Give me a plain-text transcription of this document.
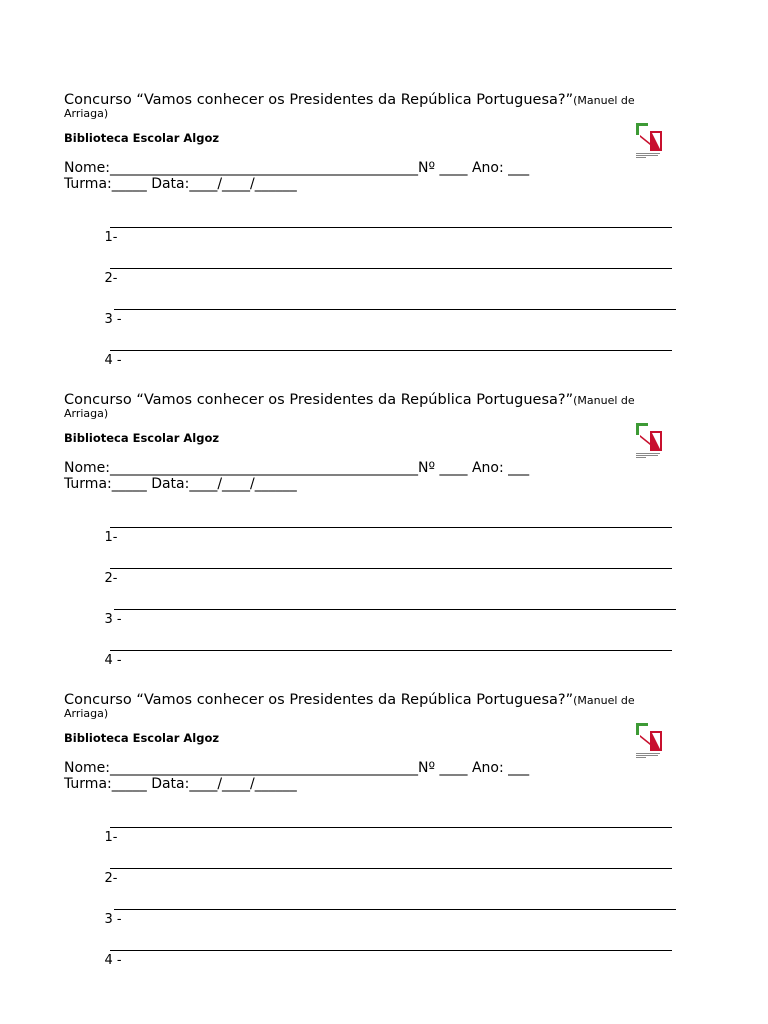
Concurso “Vamos conhecer os Presidentes da República Portuguesa?”(Manuel de
Arriaga)
Biblioteca Escolar Algoz
Nome:____________________________________________Nº ____ Ano: ___
Turma:_____ Data:____/____/______

1-

2-

3 -

4 -

Concurso “Vamos conhecer os Presidentes da República Portuguesa?”(Manuel de
Arriaga)
Biblioteca Escolar Algoz
Nome:____________________________________________Nº ____ Ano: ___
Turma:_____ Data:____/____/______

1-

2-

3 -

4 -

Concurso “Vamos conhecer os Presidentes da República Portuguesa?”(Manuel de
Arriaga)
Biblioteca Escolar Algoz
Nome:____________________________________________Nº ____ Ano: ___
Turma:_____ Data:____/____/______

1-

2-

3 -

4 -
